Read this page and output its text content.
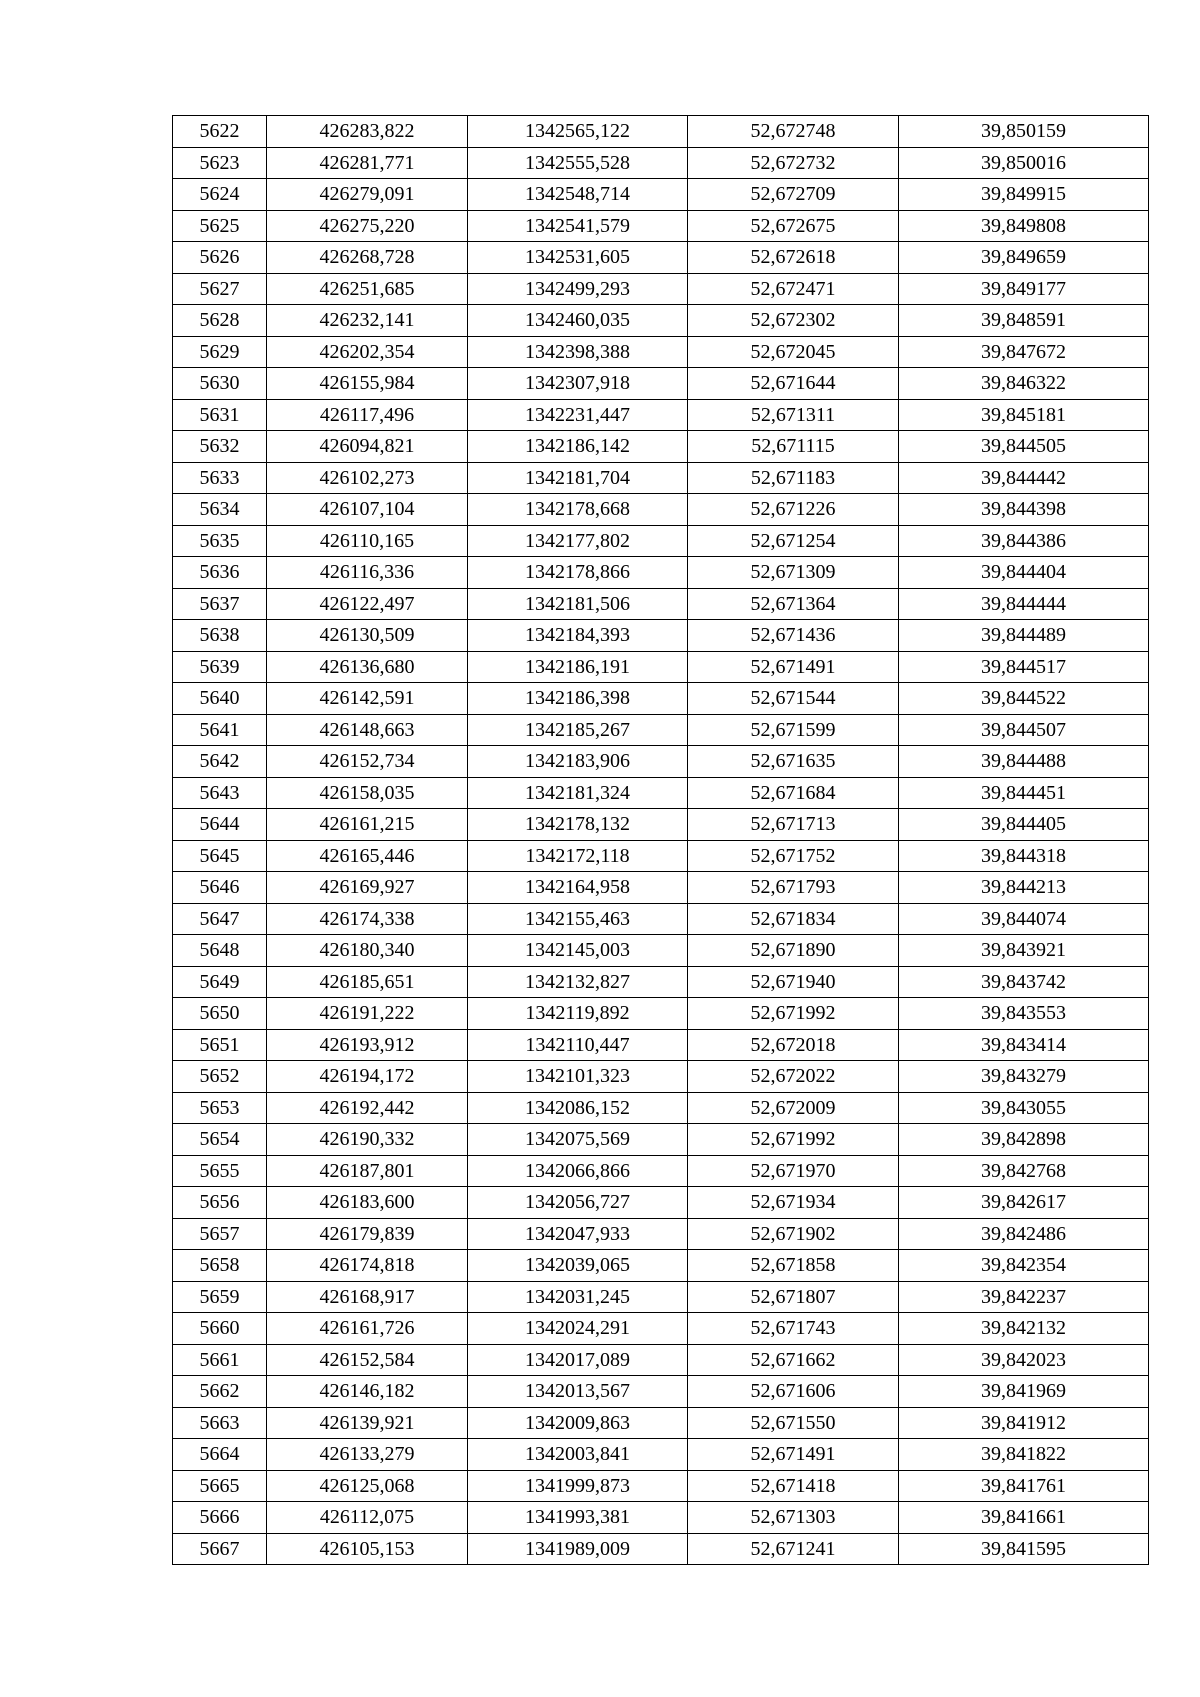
5622	426283,822	1342565,122	52,672748	39,850159
5623	426281,771	1342555,528	52,672732	39,850016
5624	426279,091	1342548,714	52,672709	39,849915
5625	426275,220	1342541,579	52,672675	39,849808
5626	426268,728	1342531,605	52,672618	39,849659
5627	426251,685	1342499,293	52,672471	39,849177
5628	426232,141	1342460,035	52,672302	39,848591
5629	426202,354	1342398,388	52,672045	39,847672
5630	426155,984	1342307,918	52,671644	39,846322
5631	426117,496	1342231,447	52,671311	39,845181
5632	426094,821	1342186,142	52,671115	39,844505
5633	426102,273	1342181,704	52,671183	39,844442
5634	426107,104	1342178,668	52,671226	39,844398
5635	426110,165	1342177,802	52,671254	39,844386
5636	426116,336	1342178,866	52,671309	39,844404
5637	426122,497	1342181,506	52,671364	39,844444
5638	426130,509	1342184,393	52,671436	39,844489
5639	426136,680	1342186,191	52,671491	39,844517
5640	426142,591	1342186,398	52,671544	39,844522
5641	426148,663	1342185,267	52,671599	39,844507
5642	426152,734	1342183,906	52,671635	39,844488
5643	426158,035	1342181,324	52,671684	39,844451
5644	426161,215	1342178,132	52,671713	39,844405
5645	426165,446	1342172,118	52,671752	39,844318
5646	426169,927	1342164,958	52,671793	39,844213
5647	426174,338	1342155,463	52,671834	39,844074
5648	426180,340	1342145,003	52,671890	39,843921
5649	426185,651	1342132,827	52,671940	39,843742
5650	426191,222	1342119,892	52,671992	39,843553
5651	426193,912	1342110,447	52,672018	39,843414
5652	426194,172	1342101,323	52,672022	39,843279
5653	426192,442	1342086,152	52,672009	39,843055
5654	426190,332	1342075,569	52,671992	39,842898
5655	426187,801	1342066,866	52,671970	39,842768
5656	426183,600	1342056,727	52,671934	39,842617
5657	426179,839	1342047,933	52,671902	39,842486
5658	426174,818	1342039,065	52,671858	39,842354
5659	426168,917	1342031,245	52,671807	39,842237
5660	426161,726	1342024,291	52,671743	39,842132
5661	426152,584	1342017,089	52,671662	39,842023
5662	426146,182	1342013,567	52,671606	39,841969
5663	426139,921	1342009,863	52,671550	39,841912
5664	426133,279	1342003,841	52,671491	39,841822
5665	426125,068	1341999,873	52,671418	39,841761
5666	426112,075	1341993,381	52,671303	39,841661
5667	426105,153	1341989,009	52,671241	39,841595
